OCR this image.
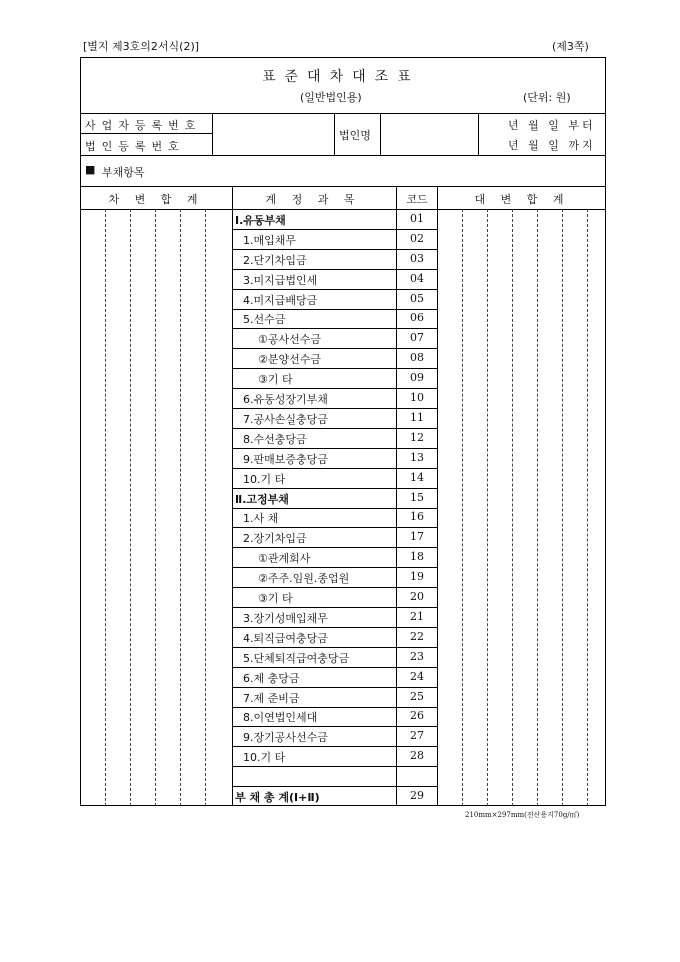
[별지 제3호의2서식(2)]	(제3쪽)
표준대차대조표
(일반법인용)	(단위: 원)
사업자등록번호
법인등록번호
법인명
년 월 일 부터
년 월 일 까지
■ 부채항목
차 변 합 계	계 정 과 목	코드	대 변 합 계
Ⅰ.유동부채	01
1.매입채무	02
2.단기차입금	03
3.미지급법인세	04
4.미지급배당금	05
5.선수금	06
①공사선수금	07
②분양선수금	08
③기 타	09
6.유동성장기부채	10
7.공사손실충당금	11
8.수선충당금	12
9.판매보증충당금	13
10.기 타	14
Ⅱ.고정부채	15
1.사 채	16
2.장기차입금	17
①관계회사	18
②주주.임원.종업원	19
③기 타	20
3.장기성매입채무	21
4.퇴직급여충당금	22
5.단체퇴직급여충당금	23
6.제 충당금	24
7.제 준비금	25
8.이연법인세대	26
9.장기공사선수금	27
10.기 타	28
부 채 총 계(Ⅰ+Ⅱ)	29
210mm×297mm(전산용지70g/㎡)
